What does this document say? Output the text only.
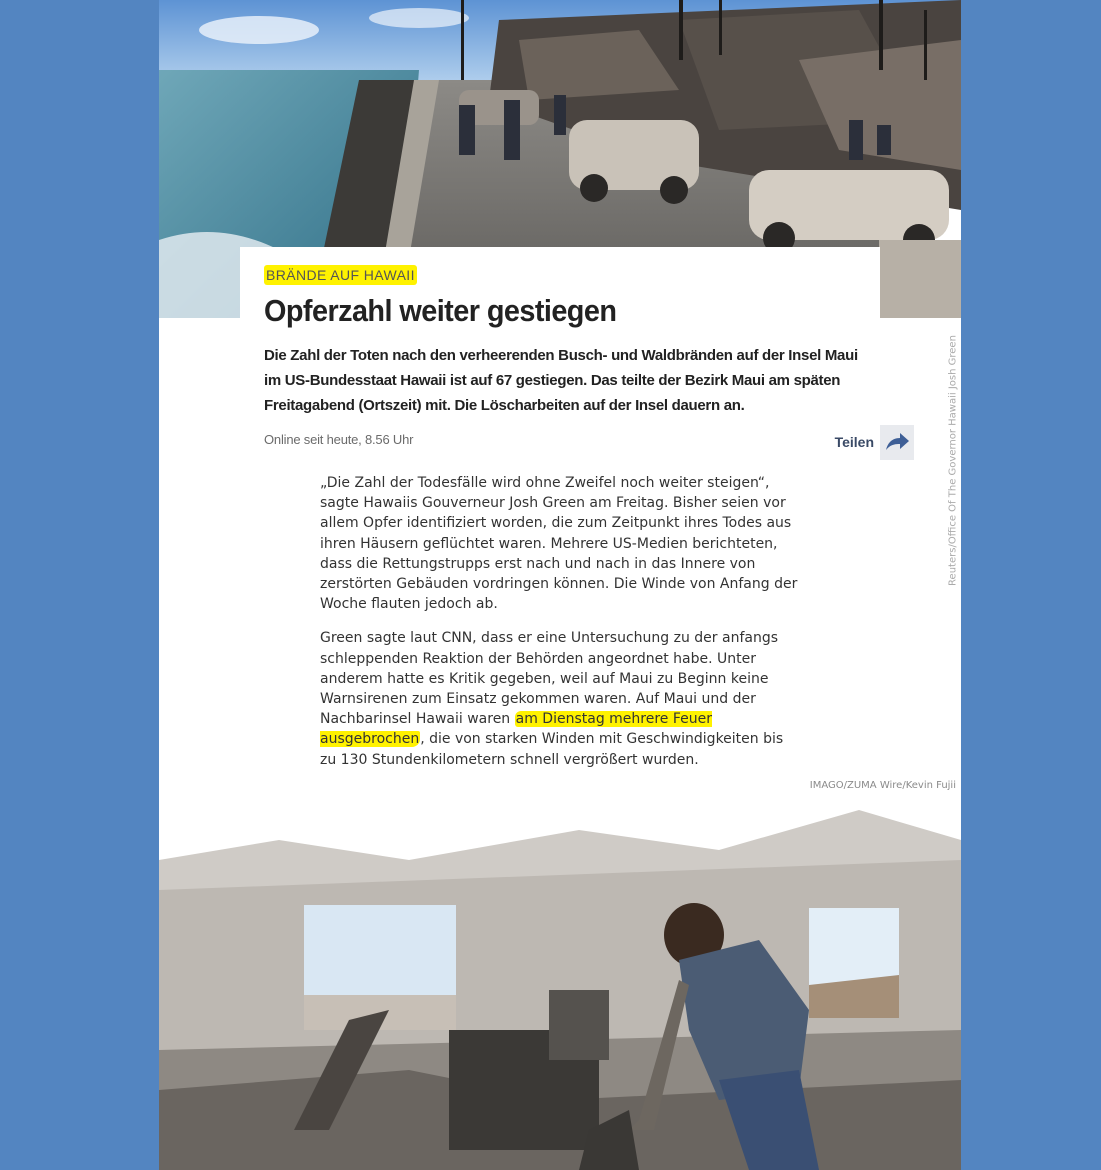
BRÄNDE AUF HAWAII
Opferzahl weiter gestiegen

Die Zahl der Toten nach den verheerenden Busch- und Waldbränden auf der Insel Maui im US-Bundesstaat Hawaii ist auf 67 gestiegen. Das teilte der Bezirk Maui am späten Freitagabend (Ortszeit) mit. Die Löscharbeiten auf der Insel dauern an.	Reuters/Office Of The Governor Hawaii Josh Green
Online seit heute, 8.56 Uhr	Teilen

„Die Zahl der Todesfälle wird ohne Zweifel noch weiter steigen“, sagte Hawaiis Gouverneur Josh Green am Freitag. Bisher seien vor allem Opfer identifiziert worden, die zum Zeitpunkt ihres Todes aus ihren Häusern geflüchtet waren. Mehrere US-Medien berichteten, dass die Rettungstrupps erst nach und nach in das Innere von zerstörten Gebäuden vordringen können. Die Winde von Anfang der Woche flauten jedoch ab.

Green sagte laut CNN, dass er eine Untersuchung zu der anfangs schleppenden Reaktion der Behörden angeordnet habe. Unter anderem hatte es Kritik gegeben, weil auf Maui zu Beginn keine Warnsirenen zum Einsatz gekommen waren. Auf Maui und der Nachbarinsel Hawaii waren am Dienstag mehrere Feuer ausgebrochen, die von starken Winden mit Geschwindigkeiten bis zu 130 Stundenkilometern schnell vergrößert wurden.

IMAGO/ZUMA Wire/Kevin Fujii
